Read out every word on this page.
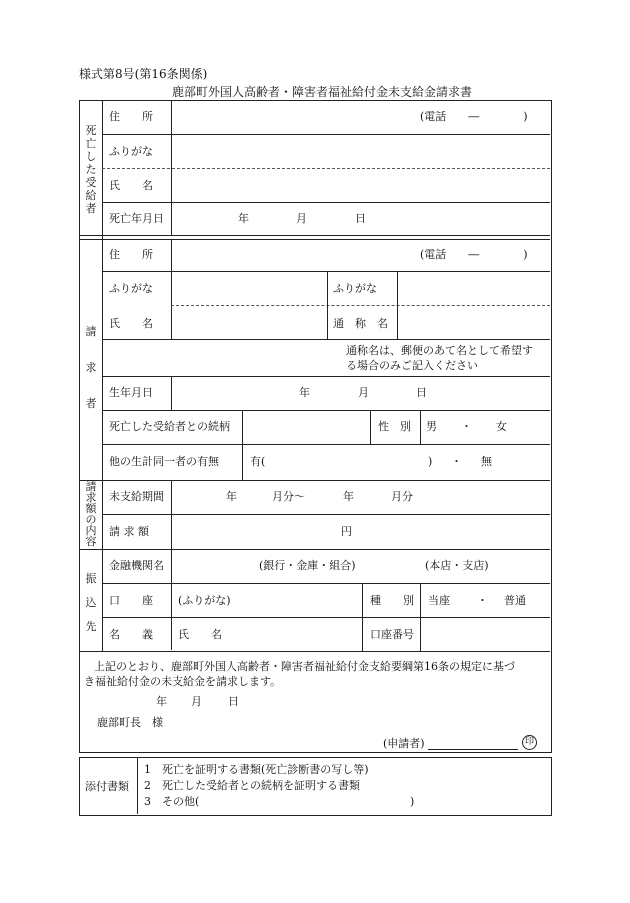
様式第8号(第16条関係)
鹿部町外国人高齢者・障害者福祉給付金未支給金請求書
死
亡
し
た
受
給
者
住　　所	(電話　　―　　　　)
ふりがな
氏　　名
死亡年月日	年	月	日
請
求
者
住　　所	(電話　　―　　　　)
ふりがな	ふりがな
氏　　名	通　称　名
通称名は、郵便のあて名として希望す
る場合のみご記入ください
生年月日	年	月	日
死亡した受給者との続柄	性　別 男 ・ 女
他の生計同一者の有無	有(	) ・ 無
請
求
額
の
内
容
未支給期間	年	月分〜	年	月分
請 求 額	円
振
込
先
金融機関名	(銀行・金庫・組合)	(本店・支店)
口　　座 (ふりがな)	種　　別 当座 ・ 普通
名　　義 氏　　名	口座番号
上記のとおり、鹿部町外国人高齢者・障害者福祉給付金支給要綱第16条の規定に基づ
き福祉給付金の未支給金を請求します。
年 月 日
鹿部町長　様
(申請者)	印
添付書類
1　死亡を証明する書類(死亡診断書の写し等)
2　死亡した受給者との続柄を証明する書類
3　その他(	)
